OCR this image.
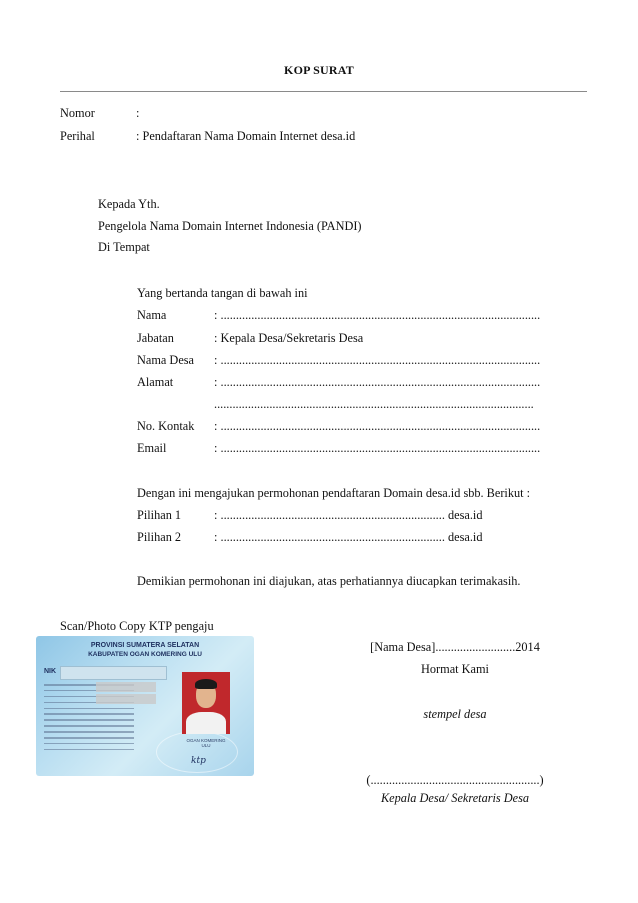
KOP SURAT
Nomor	:
Perihal	: Pendaftaran Nama Domain Internet desa.id
Kepada Yth.
Pengelola Nama Domain Internet Indonesia (PANDI)
Di Tempat
Yang bertanda tangan di bawah ini
Nama	: ........................................................................................................
Jabatan	: Kepala Desa/Sekretaris Desa
Nama Desa : ........................................................................................................
Alamat	: ........................................................................................................
........................................................................................................
No. Kontak : ........................................................................................................
Email	: ........................................................................................................
Dengan ini mengajukan permohonan pendaftaran Domain desa.id sbb. Berikut :
Pilihan 1	: ......................................................................... desa.id
Pilihan 2	: ......................................................................... desa.id
Demikian permohonan ini diajukan, atas perhatiannya diucapkan terimakasih.
Scan/Photo Copy KTP pengaju
PROVINSI SUMATERA SELATAN
KABUPATEN OGAN KOMERING ULU
NIK
OGAN KOMERING ULU
ktp
[Nama Desa]..........................2014
Hormat Kami
stempel desa
(.......................................................)
Kepala Desa/ Sekretaris Desa
